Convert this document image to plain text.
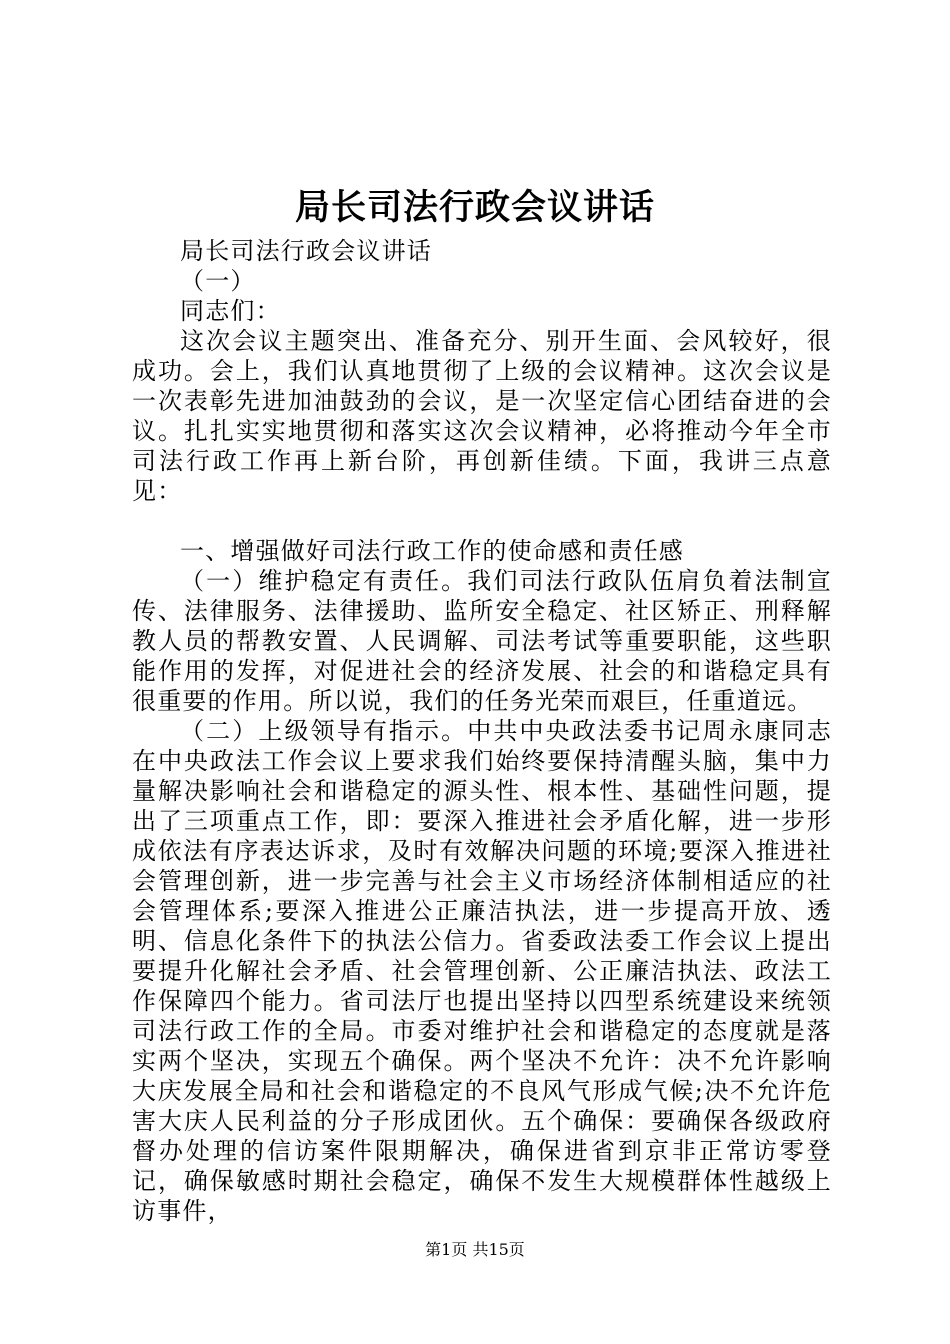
局长司法行政会议讲话

局长司法行政会议讲话

（一）

同志们：

这次会议主题突出、准备充分、别开生面、会风较好，很成功。会上，我们认真地贯彻了上级的会议精神。这次会议是一次表彰先进加油鼓劲的会议，是一次坚定信心团结奋进的会议。扎扎实实地贯彻和落实这次会议精神，必将推动今年全市司法行政工作再上新台阶，再创新佳绩。下面，我讲三点意见：

一、增强做好司法行政工作的使命感和责任感

（一）维护稳定有责任。我们司法行政队伍肩负着法制宣传、法律服务、法律援助、监所安全稳定、社区矫正、刑释解教人员的帮教安置、人民调解、司法考试等重要职能，这些职能作用的发挥，对促进社会的经济发展、社会的和谐稳定具有很重要的作用。所以说，我们的任务光荣而艰巨，任重道远。

（二）上级领导有指示。中共中央政法委书记周永康同志在中央政法工作会议上要求我们始终要保持清醒头脑，集中力量解决影响社会和谐稳定的源头性、根本性、基础性问题，提出了三项重点工作，即：要深入推进社会矛盾化解，进一步形成依法有序表达诉求，及时有效解决问题的环境;要深入推进社会管理创新，进一步完善与社会主义市场经济体制相适应的社会管理体系;要深入推进公正廉洁执法，进一步提高开放、透明、信息化条件下的执法公信力。省委政法委工作会议上提出要提升化解社会矛盾、社会管理创新、公正廉洁执法、政法工作保障四个能力。省司法厅也提出坚持以四型系统建设来统领司法行政工作的全局。市委对维护社会和谐稳定的态度就是落实两个坚决，实现五个确保。两个坚决不允许：决不允许影响大庆发展全局和社会和谐稳定的不良风气形成气候;决不允许危害大庆人民利益的分子形成团伙。五个确保：要确保各级政府督办处理的信访案件限期解决，确保进省到京非正常访零登记，确保敏感时期社会稳定，确保不发生大规模群体性越级上访事件，

第1页 共15页
